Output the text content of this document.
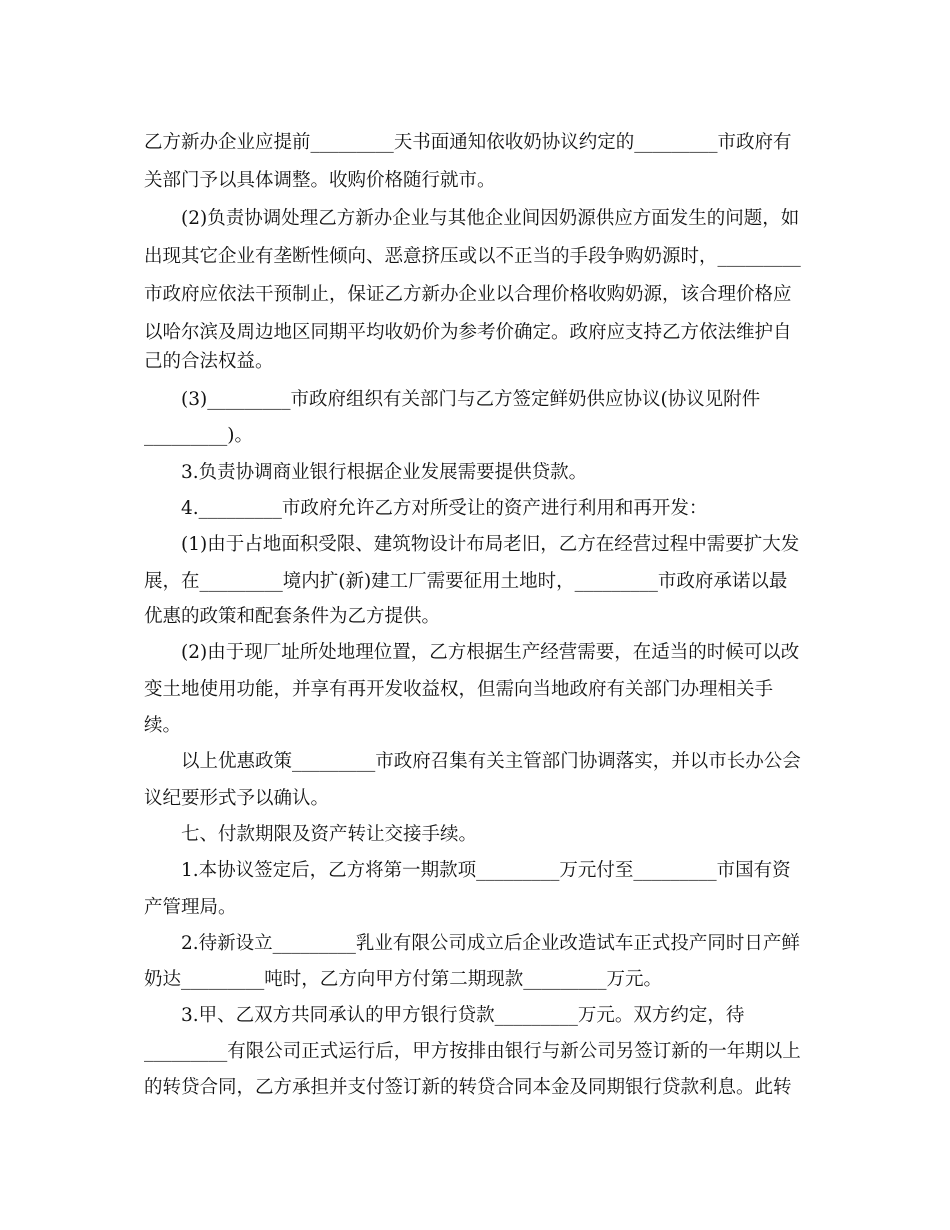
乙方新办企业应提前_________天书面通知依收奶协议约定的_________市政府有
关部门予以具体调整。收购价格随行就市。
(2)负责协调处理乙方新办企业与其他企业间因奶源供应方面发生的问题，如
出现其它企业有垄断性倾向、恶意挤压或以不正当的手段争购奶源时，_________
市政府应依法干预制止，保证乙方新办企业以合理价格收购奶源，该合理价格应
以哈尔滨及周边地区同期平均收奶价为参考价确定。政府应支持乙方依法维护自
己的合法权益。
(3)_________市政府组织有关部门与乙方签定鲜奶供应协议(协议见附件
_________)。
3.负责协调商业银行根据企业发展需要提供贷款。
4._________市政府允许乙方对所受让的资产进行利用和再开发：
(1)由于占地面积受限、建筑物设计布局老旧，乙方在经营过程中需要扩大发
展，在_________境内扩(新)建工厂需要征用土地时，_________市政府承诺以最
优惠的政策和配套条件为乙方提供。
(2)由于现厂址所处地理位置，乙方根据生产经营需要，在适当的时候可以改
变土地使用功能，并享有再开发收益权，但需向当地政府有关部门办理相关手
续。
以上优惠政策_________市政府召集有关主管部门协调落实，并以市长办公会
议纪要形式予以确认。
七、付款期限及资产转让交接手续。
1.本协议签定后，乙方将第一期款项_________万元付至_________市国有资
产管理局。
2.待新设立_________乳业有限公司成立后企业改造试车正式投产同时日产鲜
奶达_________吨时，乙方向甲方付第二期现款_________万元。
3.甲、乙双方共同承认的甲方银行贷款_________万元。双方约定，待
_________有限公司正式运行后，甲方按排由银行与新公司另签订新的一年期以上
的转贷合同，乙方承担并支付签订新的转贷合同本金及同期银行贷款利息。此转
